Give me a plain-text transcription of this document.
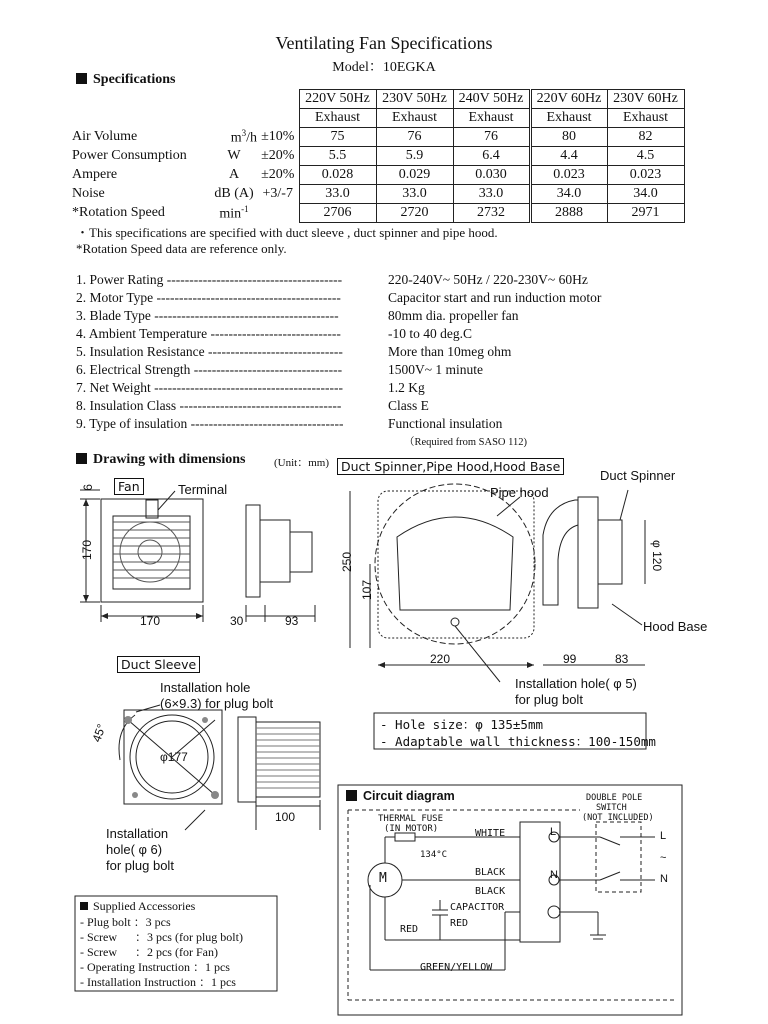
Ventilating Fan Specifications
Model：10EGKA
Specifications
			220V 50Hz	230V 50Hz	240V 50Hz	220V 60Hz	230V 60Hz
			Exhaust	Exhaust	Exhaust	Exhaust	Exhaust
Air Volume	$m^3/h$	±10%	75	76	76	80	82
Power Consumption	W	±20%	5.5	5.9	6.4	4.4	4.5
Ampere	A	±20%	0.028	0.029	0.030	0.023	0.023
Noise	dB (A)	+3/-7	33.0	33.0	33.0	34.0	34.0
*Rotation Speed	$\min^{-1}$		2706	2720	2732	2888	2971
・This specifications are specified with duct sleeve , duct spinner and pipe hood.
*Rotation Speed data are reference only.
1. Power Rating ---------------------------------------	220-240V~ 50Hz / 220-230V~ 60Hz
2. Motor Type -----------------------------------------	Capacitor start and run induction motor
3. Blade Type -----------------------------------------	80mm dia. propeller fan
4. Ambient Temperature -----------------------------	-10 to 40 deg.C
5. Insulation Resistance ------------------------------	More than 10meg ohm
6. Electrical Strength ---------------------------------	1500V~ 1 minute
7. Net Weight ------------------------------------------	1.2 Kg
8. Insulation Class ------------------------------------	Class E
9. Type of insulation ----------------------------------	Functional insulation
（Required from SASO 112)
Drawing with dimensions	(Unit：mm)
Fan	Terminal
Duct Spinner,Pipe Hood,Hood Base
Pipe hood
Duct Spinner
Hood Base
6
170
170	30	93
250
107
220	99	83
φ 120
Installation hole( φ 5)
for plug bolt
Duct Sleeve
Installation hole
(6×9.3) for plug bolt
45°
φ177
100
Installation
hole( φ 6)
for plug bolt
- Hole size：φ 135±5mm
- Adaptable wall thickness：100-150mm
Circuit diagram
THERMAL FUSE
(IN MOTOR)
134°C
WHITE
BLACK
BLACK
CAPACITOR
RED
RED
GREEN/YELLOW
M
L
N
DOUBLE POLE
SWITCH
(NOT INCLUDED)
L
~
N
Supplied Accessories
- Plug bolt ：3 pcs
- Screw      ：3 pcs (for plug bolt)
- Screw      ：2 pcs (for Fan)
- Operating Instruction ：1 pcs
- Installation Instruction ：1 pcs
